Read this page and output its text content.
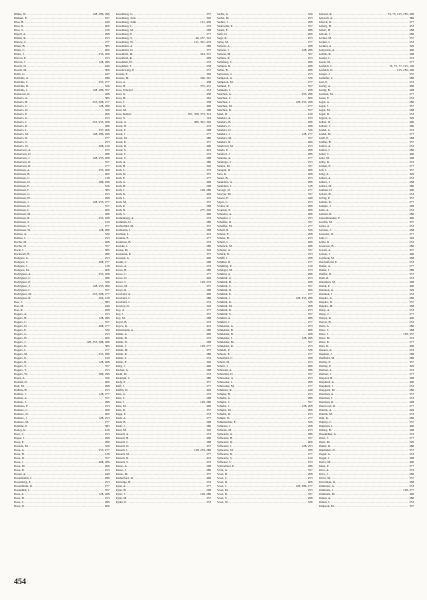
Rinke, W. .....	128, 286, 296
Rinnert, E. .....	357
Rios, B. .....	449
Rios, R. .....	406
Rios, S. .....	419
Ripoll, A. .....	268
Risner, R. .....	253
Ristow, C. .....	277
Ritter, B. .....	385
Ritter, C. .....	406
Ritter, J. .....	253, 268
Rivero, E. .....	253
Rivera, J. .....	128, 286
Roach, D. .....	449
Roach, M. .....	306
Robb, G. .....	447
Robbins, A. .....	286
Robbins, C. .....	253, 277
Robbins, D. .....	326
Robbins, J. .....	128, 286, 357
Roberson, K. .....	268
Roberts, A. .....	385
Roberts, B. .....	253, 268, 277
Roberts, C. .....	128, 286
Roberts, D. .....	326
Roberts, E. .....	406
Roberts, G. .....	253
Roberts, J. .....	253, 255, 268
Roberts, K. .....	286
Roberts, L. .....	357, 406
Roberts, M. .....	128, 286, 296
Roberts, R. .....	277
Roberts, S. .....	253
Roberts, W. .....	268, 419
Robertson, A. .....	253
Robertson, D. .....	286
Robertson, J. .....	128, 253, 268
Robertson, K. .....	357
Robertson, R. .....	277
Robinson, A. .....	253, 268
Robinson, B. .....	406
Robinson, C. .....	128
Robinson, D. .....	286, 296
Robinson, E. .....	326
Robinson, F. .....	385
Robinson, G. .....	253
Robinson, H. .....	268
Robinson, J. .....	128, 253, 277
Robinson, K. .....	357
Robinson, L. .....	406
Robinson, M. .....	286
Robinson, R. .....	253, 268
Robinson, S. .....	419
Robinson, T. .....	277
Robinson, W. .....	128, 286
Robles, A. .....	326
Robles, J. .....	253
Rocha, M. .....	268
Roche, D. .....	357
Rock, J. .....	385
Rockwell, B. .....	286
Rodgers, A. .....	253
Rodgers, C. .....	268, 277
Rodgers, J. .....	128
Rodgers, M. .....	406
Rodriguez, A. .....	253, 268
Rodriguez, C. .....	286
Rodriguez, E. .....	326
Rodriguez, J. .....	128, 253, 286
Rodriguez, L. .....	357
Rodriguez, M. .....	253, 268, 277
Rodriguez, R. .....	406, 419
Roe, J. .....	385
Roe, M. .....	449
Roe, R. .....	268
Rogers, A. .....	253
Rogers, B. .....	128, 286
Rogers, C. .....	357
Rogers, D. .....	268, 277
Rogers, E. .....	326
Rogers, G. .....	253
Rogers, H. .....	406
Rogers, J. .....	128, 253, 268, 286
Rogers, K. .....	385
Rogers, L. .....	277
Rogers, M. .....	253, 286
Rogers, P. .....	419
Rogers, R. .....	128, 268
Rogers, S. .....	357
Rogers, T. .....	253
Rogers, W. .....	286, 296
Rojas, A. .....	326
Roland, D. .....	406
Roll, M. .....	268
Rollins, B. .....	253
Rollins, J. .....	128, 277
Roman, A. .....	357
Roman, J. .....	286
Romano, F. .....	253
Romero, C. .....	268
Romero, D. .....	406
Romero, J. .....	128, 253
Romero, M. .....	277
Romine, P. .....	385
Roney, K. .....	419
Root, C. .....	253
Roper, J. .....	268
Rosa, E. .....	286
Rosado, M. .....	326
Rose, A. .....	253, 277
Rose, B. .....	128
Rose, D. .....	357
Rose, J. .....	268, 286
Rose, M. .....	406
Rose, R. .....	253
Rosen, A. .....	449
Rosenbaum, J. .....	286
Rosenberg, E. .....	253
Rosenblum, D. .....	277
Rosenthal, L. .....	357
Ross, A. .....	128, 268
Ross, B. .....	253
Ross, C. .....	286
Ross, D. .....	406
Rosenberg, G. .....	357
Rosenberg, Jack .....	326
Rosenberg, John .....	121, 436
Rosenberg, L. .....	253
Rosenberg, M. .....	268
Rosenberg, P. .....	277
Rosenberg, S. .....	46, 257, 322
Rosenberg, W. .....	121, 301, 433
Rosenblatt, A. .....	286
Rosenblatt, D. .....	357
Rosenfeld, M. .....	324, 315
Rosenfeld, R. .....	409
Rosenthal, H. .....	253
Rosenthal, T. .....	258
Rosenzweig, P. .....	257
Rosner, E. .....	346
Rosner, M. .....	326, 361
Ross, A. .....	438
Ross, B. .....	372, 431
Ross, Edward .....	253
Ross, G. .....	438
Ross, H. .....	362
Ross, J. .....	258
Ross, K. .....	406
Ross, M. .....	268
Ross, Robert .....	301, 358, 373, 314
Ross, S. .....	124
Rossi, A. .....	286, 391, 392
Rossi, D. .....	253
Rossi, F. .....	268
Rossi, J. .....	277
Rossi, M. .....	286
Rossi, P. .....	357
Rossi, R. .....	406
Rossi, S. .....	419
Rossi, T. .....	253
Rossi, V. .....	268
Roth, A. .....	286
Roth, B. .....	326
Roth, C. .....	253
Roth, D. .....	357
Roth, E. .....	277
Roth, G. .....	406
Roth, H. .....	268
Roth, J. .....	128, 286
Roth, K. .....	449
Roth, L. .....	253
Roth, M. .....	357
Roth, P. .....	268
Roth, R. .....	277, 326
Roth, S. .....	406
Rothenberg, A. .....	253
Rothman, D. .....	286
Rothschild, M. .....	357
Rothstein, J. .....	268
Rotman, L. .....	419
Rounds, E. .....	277
Rountree, B. .....	253
Rourke, J. .....	286
Rouse, M. .....	326
Rousseau, P. .....	357
Roussel, A. .....	406
Routh, C. .....	268
Rowe, A. .....	253
Rowe, B. .....	286
Rowe, C. .....	277
Rowe, D. .....	449
Rowe, J. .....	128, 253
Rowe, M. .....	357
Rowe, R. .....	268
Rowland, A. .....	406
Rowland, C. .....	286
Rowland, J. .....	253
Rowley, D. .....	326
Roy, A. .....	277
Roy, J. .....	357
Roy, M. .....	268
Royal, B. .....	253
Royce, K. .....	419
Rubenstein, A. .....	286
Rubin, A. .....	406
Rubin, B. .....	253
Rubin, D. .....	268
Rubin, J. .....	128, 277
Rubin, M. .....	357
Rubin, R. .....	286
Rubin, S. .....	253
Rubio, E. .....	326
Ruby, J. .....	406
Rucker, A. .....	268
Rudd, M. .....	253
Rudolph, C. .....	286
Rudy, P. .....	357
Ruff, J. .....	277
Ruffin, D. .....	449
Ruiz, A. .....	253
Ruiz, C. .....	268
Ruiz, J. .....	128, 286
Ruiz, M. .....	406
Ruiz, R. .....	357
Rupp, E. .....	253
Rush, A. .....	277
Rush, B. .....	268
Rush, J. .....	286
Russ, M. .....	326
Russell, A. .....	253
Russell, B. .....	406
Russell, C. .....	268
Russell, D. .....	357
Russell, J. .....	128, 253, 286
Russell, M. .....	277
Russell, R. .....	419
Russell, S. .....	253
Russo, A. .....	268
Russo, J. .....	286
Russo, M. .....	357
Rutherford, D. .....	406
Rutledge, B. .....	253
Ryan, A. .....	277
Ryan, B. .....	268
Ryan, J. .....	128, 286
Ryan, M. .....	357
Ryder, P. .....	253
Sachs, A. .....	326
Sachs, M. .....	253
Sadler, J. .....	268
Sadowski, P. .....	357
Saenz, E. .....	286
Safir, D. .....	406
Sage, R. .....	253
Salas, M. .....	277
Salazar, A. .....	268
Salazar, J. .....	128, 286
Salazar, M. .....	357
Salinas, R. .....	253
Salisbury, C. .....	406
Salmon, D. .....	268
Salter, B. .....	286
Salvatore, J. .....	253
Sampson, A. .....	326
Sampson, M. .....	277
Samuel, E. .....	357
Samuels, J. .....	268
Sanchez, A. .....	253, 286
Sanchez, C. .....	406
Sanchez, J. .....	128, 253, 268
Sanchez, M. .....	277
Sanchez, R. .....	357
Sand, D. .....	419
Sanders, A. .....	253
Sanders, B. .....	286
Sanders, C. .....	268
Sanders, D. .....	326
Sanders, J. .....	128, 277
Sanders, M. .....	357
Sanders, R. .....	406
Sandoval, M. .....	253
Sands, P. .....	268
Sanford, J. .....	286
Santana, A. .....	277
Santiago, J. .....	253
Santos, M. .....	357
Sargent, R. .....	406
Sato, K. .....	268
Sauer, B. .....	253
Saunders, A. .....	286
Saunders, J. .....	128
Savage, D. .....	277
Sawyer, M. .....	357
Saxon, E. .....	449
Sayer, C. .....	253
Scales, R. .....	268
Scanlon, P. .....	406
Schaefer, A. .....	286
Schaefer, J. .....	253
Schaffer, D. .....	357
Schaffer, M. .....	277
Schall, R. .....	326
Schatz, E. .....	268
Scheer, B. .....	253
Schell, J. .....	406
Schenck, M. .....	286
Scherer, A. .....	357
Schick, D. .....	253
Schiff, J. .....	268
Schiller, R. .....	277
Schilling, P. .....	419
Schlegel, M. .....	253
Schmid, A. .....	286
Schmidt, A. .....	253
Schmidt, B. .....	268
Schmidt, C. .....	357
Schmidt, D. .....	406
Schmidt, E. .....	277
Schmidt, J. .....	128, 253, 286
Schmidt, K. .....	326
Schmidt, M. .....	268
Schmidt, R. .....	253
Schmidt, S. .....	357
Schmitt, A. .....	286
Schmitt, J. .....	277
Schneider, A. .....	253
Schneider, B. .....	406
Schneider, D. .....	268
Schneider, J. .....	128, 286
Schneider, M. .....	357
Schneider, R. .....	253
Schnell, P. .....	326
Schoen, E. .....	277
Schofield, C. .....	268
Scholl, M. .....	253
Schott, J. .....	406
Schrader, A. .....	286
Schreiber, D. .....	357
Schroeder, A. .....	253
Schroeder, J. .....	268
Schroeder, M. .....	277
Schubert, R. .....	449
Schuler, B. .....	253
Schultz, A. .....	286
Schultz, C. .....	357
Schultz, J. .....	128, 268
Schultz, M. .....	406
Schultz, R. .....	253
Schulz, D. .....	277
Schumacher, E. .....	326
Schuster, J. .....	268
Schwab, M. .....	253
Schwartz, A. .....	286
Schwartz, B. .....	357
Schwartz, D. .....	406
Schwartz, J. .....	128, 253
Schwartz, M. .....	268
Schwartz, R. .....	277
Schwartz, S. .....	419
Schwarz, C. .....	253
Schweitzer, P. .....	286
Scott, A. .....	357
Scott, B. .....	268
Scott, C. .....	253
Scott, D. .....	406
Scott, J. .....	128, 286, 277
Scott, M. .....	253
Scott, R. .....	357
Scott, S. .....	268
Scott, W. .....	326
Sebasta, R. .....	74, 75, 125, 185, 296
Sebasch, A. .....	386
Sebeck, K. .....	277
Seberg, H. .....	453
Sebert, B. .....	268
Sebold, J. .....	286
Secher, M. .....	357
Seckel, J. .....	253
Seckler, A. .....	326
Sedgwick, A. .....	406
Sedlak, R. .....	268
Seeber, L. .....	253
Seeds, M. .....	277
Seefeldt, C. .....	74, 75, 77, 125, 149
Seefeldt, D. .....	125, 185, 296
Seeger, J. .....	357
Seehafer, L. .....	286
Seel, P. .....	253
Seeley, A. .....	406
Seelig, B. .....	268
Seeman, M. .....	277
Seese, E. .....	253
Segal, A. .....	286
Segal, J. .....	357
Segal, M. .....	268
Seger, R. .....	253
Segura, A. .....	326
Seibel, D. .....	406
Seibert, J. .....	286
Seidel, A. .....	253
Seidel, M. .....	277
Seidl, P. .....	268
Seidler, B. .....	357
Seifert, A. .....	253
Seifert, J. .....	286
Seiler, C. .....	406
Seitz, M. .....	268
Selby, R. .....	253
Selden, E. .....	277
Self, J. .....	357
Selig, A. .....	326
Sellers, A. .....	253
Sellers, J. .....	268
Sellers, M. .....	286
Selman, D. .....	406
Seltzer, B. .....	253
Selvig, P. .....	357
Semler, K. .....	277
Semple, J. .....	268
Senn, A. .....	253
Sennett, R. .....	286
Sensenbrenner, F. .....	406
Serafin, M. .....	357
Serna, A. .....	253
Serrano, J. .....	268
Sessions, D. .....	277
Seth, C. .....	326
Settle, R. .....	253
Severson, B. .....	286
Sewell, A. .....	357
Sexton, J. .....	406
Seymour, M. .....	268
Shackelford, E. .....	253
Shafer, A. .....	277
Shafer, J. .....	286
Shaffer, D. .....	357
Shah, R. .....	253
Shanahan, M. .....	268
Shank, P. .....	406
Shannon, A. .....	326
Shannon, J. .....	253
Shapiro, A. .....	286
Shapiro, D. .....	357
Shapiro, M. .....	268
Sharp, A. .....	253
Sharp, J. .....	277
Sharpe, R. .....	406
Shaver, B. .....	253
Shaw, A. .....	286
Shaw, C. .....	268
Shaw, J. .....	128, 357
Shaw, M. .....	253
Shaw, R. .....	277
Shea, D. .....	406
Shearer, A. .....	253
Sheehan, J. .....	268
Sheffield, M. .....	286
Shelby, E. .....	357
Shelley, P. .....	326
Shelton, A. .....	253
Shelton, J. .....	277
Shepard, B. .....	268
Shepherd, A. .....	406
Shepherd, J. .....	253
Sheppard, M. .....	286
Sherman, A. .....	357
Sherman, J. .....	253
Sherman, R. .....	268
Sherwood, D. .....	277
Shields, A. .....	449
Shields, M. .....	253
Shin, K. .....	286
Shipley, C. .....	357
Shipman, J. .....	406
Shirley, B. .....	268
Shoemaker, A. .....	253
Short, J. .....	277
Short, M. .....	326
Shultz, R. .....	286
Shumaker, D. .....	357
Siegel, A. .....	253
Siegel, J. .....	268
Sierra, M. .....	406
Sikes, P. .....	277
Silva, A. .....	253
Silva, J. .....	286
Silver, M. .....	357
Silverman, D. .....	268
Simmons, A. .....	253
Simmons, J. .....	128, 277
Simmons, M. .....	406
Simon, A. .....	286
Simon, J. .....	253
Simpson, M. .....	357
454
